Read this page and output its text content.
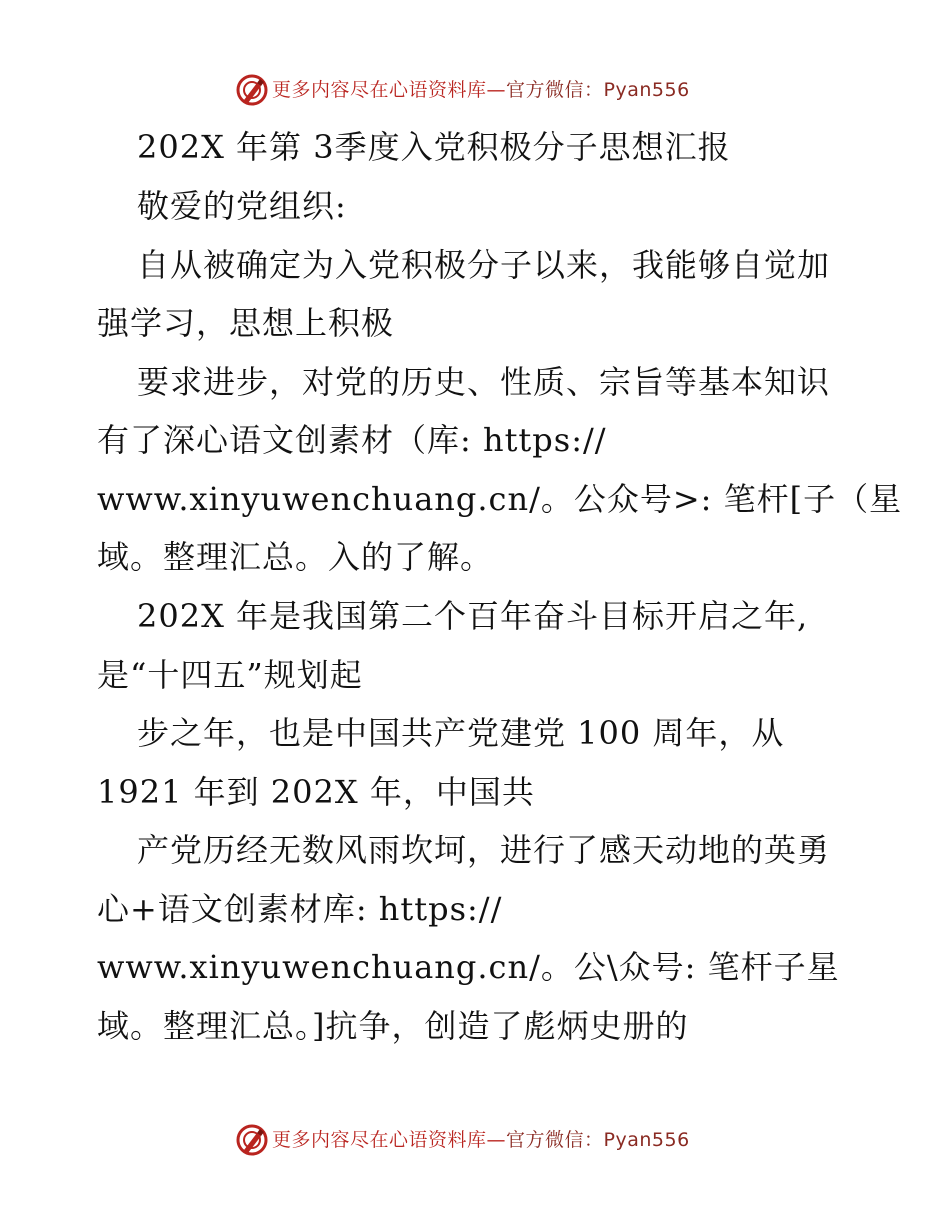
更多内容尽在心语资料库—官方微信：Pyan556
202X 年第 3季度入党积极分子思想汇报
敬爱的党组织:
自从被确定为入党积极分子以来，我能够自觉加
强学习，思想上积极
要求进步，对党的历史、性质、宗旨等基本知识
有了深心语文创素材（库: https://
www.xinyuwenchuang.cn/。公众号>: 笔杆[子（星
域。整理汇总。入的了解。
202X 年是我国第二个百年奋斗目标开启之年,
是“十四五”规划起
步之年，也是中国共产党建党 100 周年，从
1921 年到 202X 年，中国共
产党历经无数风雨坎坷，进行了感天动地的英勇
心+语文创素材库: https://
www.xinyuwenchuang.cn/。公\众号: 笔杆子星
域。整理汇总。]抗争，创造了彪炳史册的
更多内容尽在心语资料库—官方微信：Pyan556
